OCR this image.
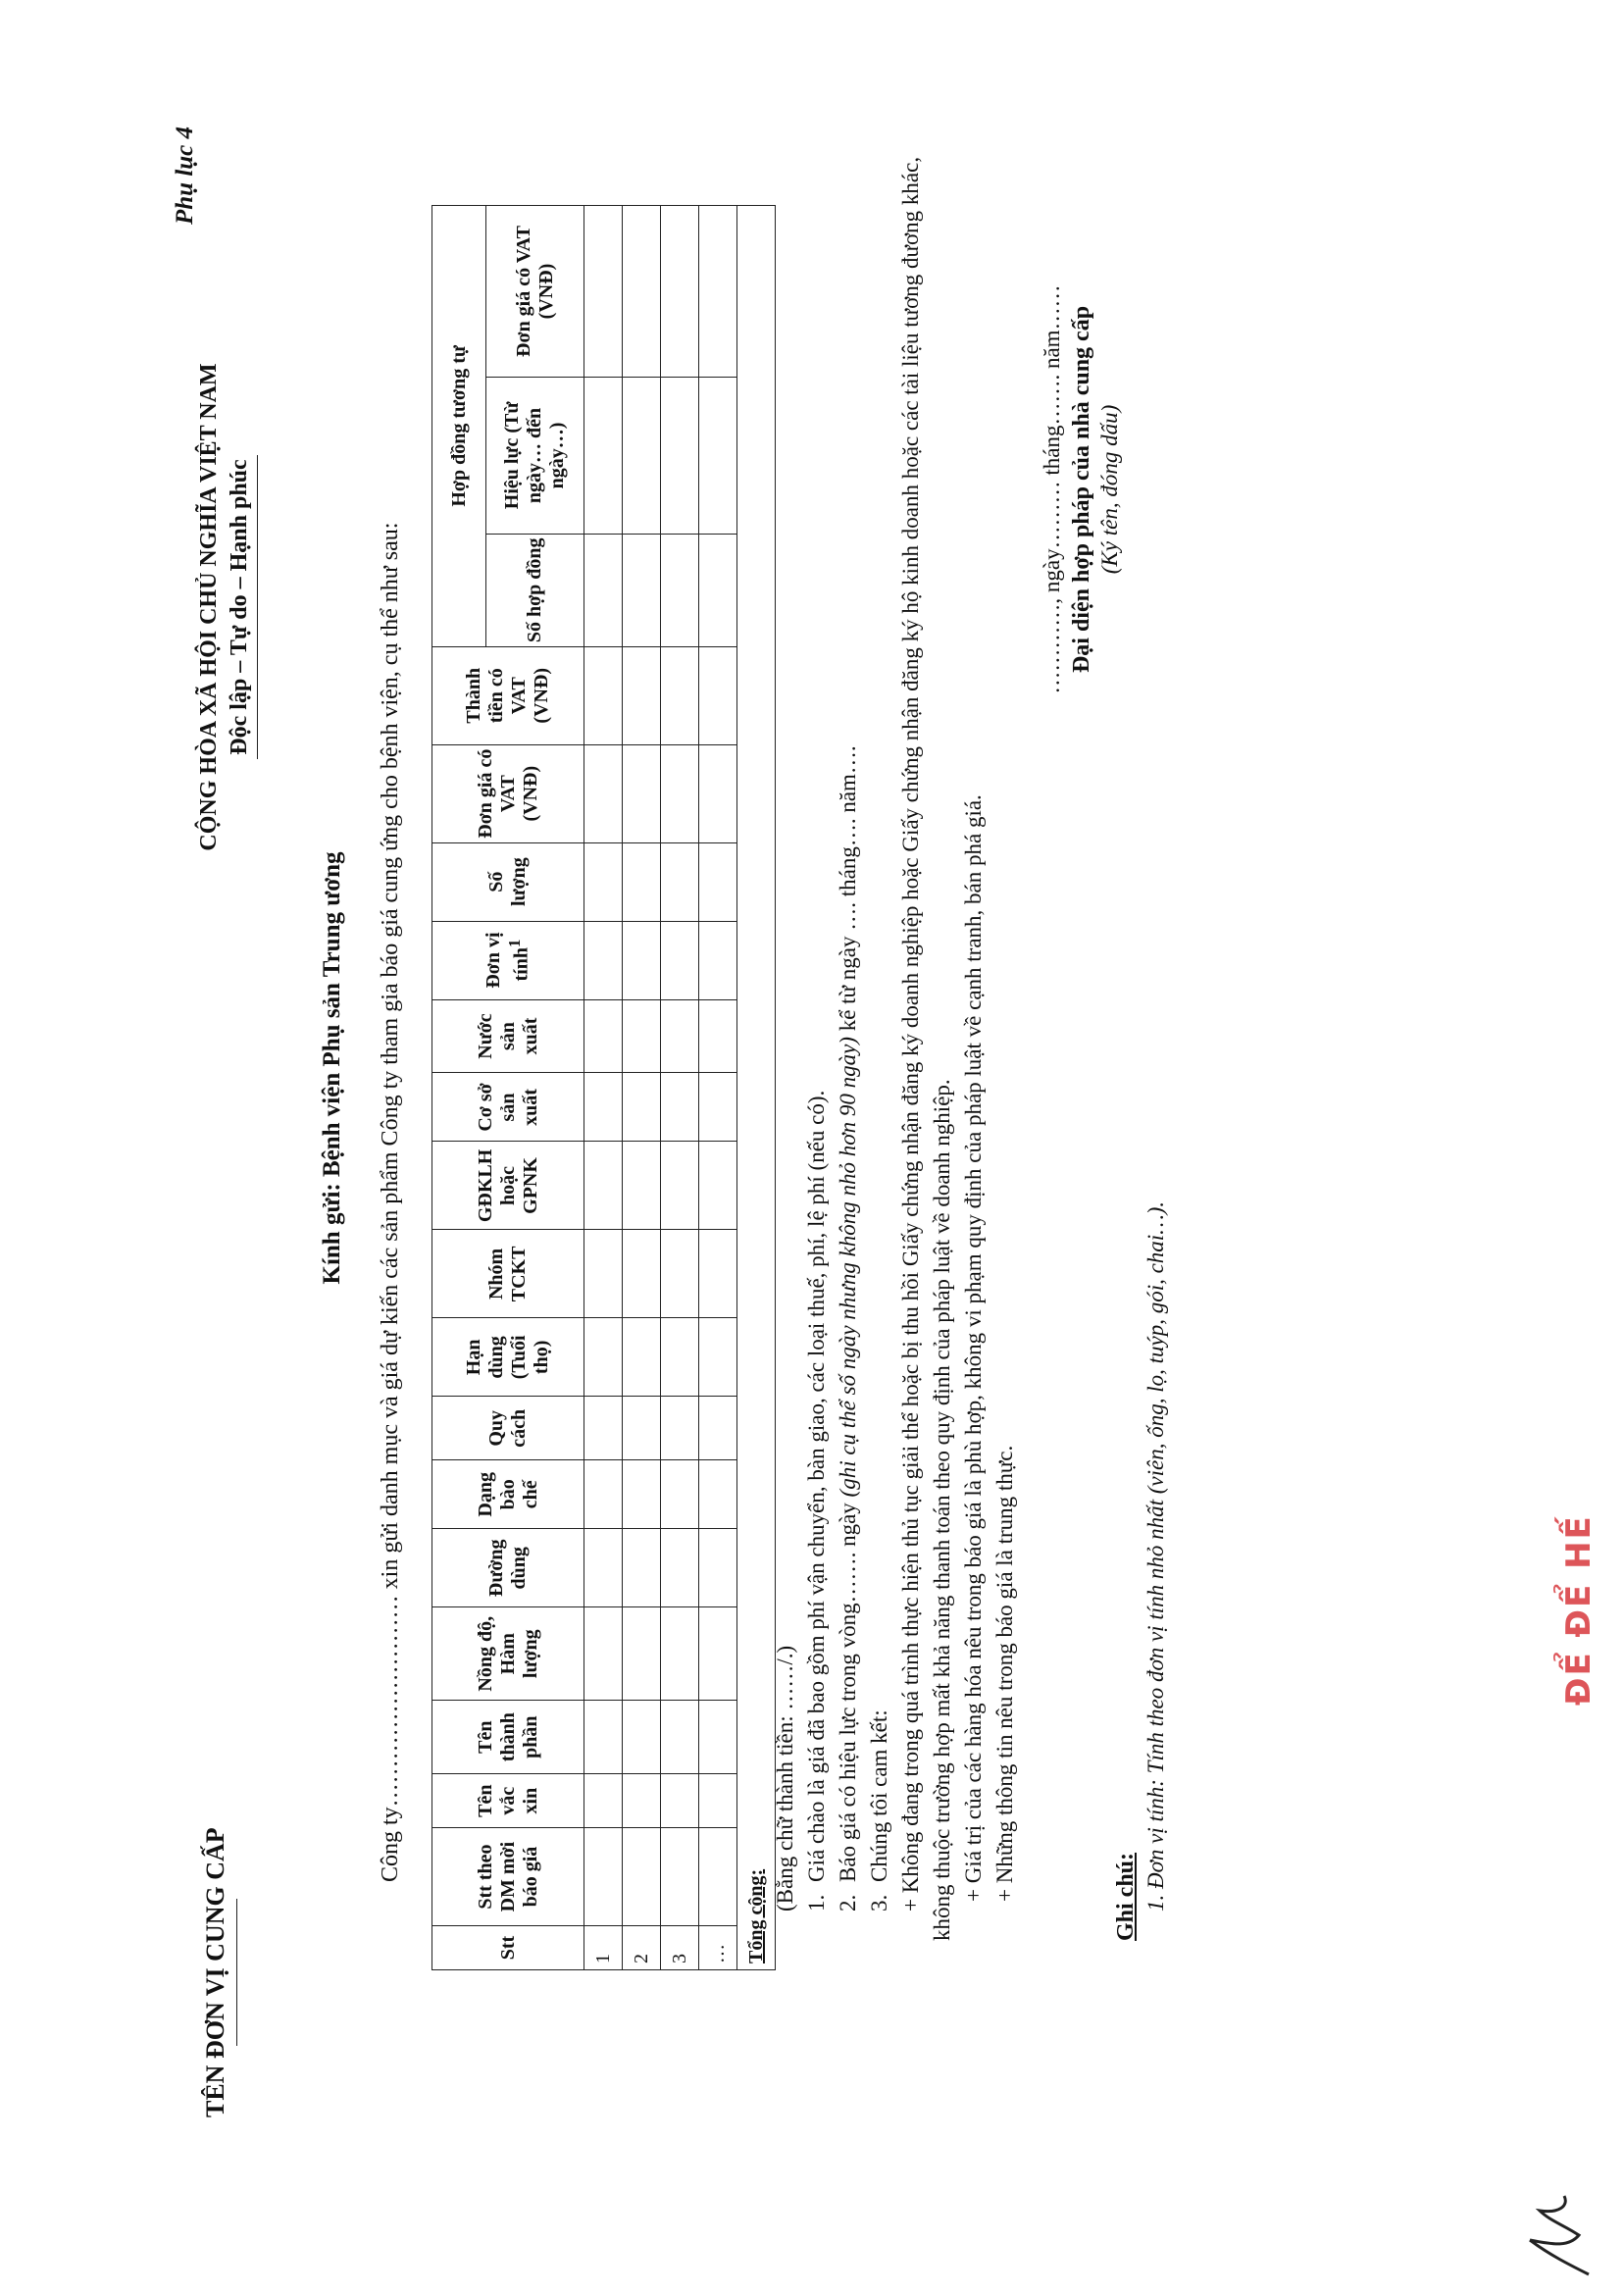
TÊN ĐƠN VỊ CUNG CẤP
Phụ lục 4
CỘNG HÒA XÃ HỘI CHỦ NGHĨA VIỆT NAM Độc lập – Tự do – Hạnh phúc
Kính gửi: Bệnh viện Phụ sản Trung ương Công ty……………………… xin gửi danh mục và giá dự kiến các sản phẩm Công ty tham gia báo giá cung ứng cho bệnh viện, cụ thể như sau:
Stt	Stt theo DM mời báo giá	Tên vắc xin	Tên thành phần	Nồng độ, Hàm lượng	Đường dùng	Dạng bào chế	Quy cách	Hạn dùng (Tuổi thọ)	Nhóm TCKT	GĐKLH hoặc GPNK	Cơ sở sản xuất	Nước sản xuất	Đơn vị tính$^1$	Số lượng	Đơn giá có VAT (VNĐ)	Thành tiền có VAT (VNĐ)	Hợp đồng tương tự		
																	Số hợp đồng	Hiệu lực (Từ ngày… đến ngày…)	Đơn giá có VAT (VNĐ)
1																			
2																			
3																			
…																			
Tổng cộng:																			
(Bằng chữ thành tiền: ……/.) 1.Giá chào là giá đã bao gồm phí vận chuyển, bàn giao, các loại thuế, phí, lệ phí (nếu có).
2.Báo giá có hiệu lực trong vòng……. ngày (ghi cụ thể số ngày nhưng không nhỏ hơn 90 ngày) kể từ ngày …. tháng…. năm….
3.Chúng tôi cam kết: + Không đang trong quá trình thực hiện thủ tục giải thể hoặc bị thu hồi Giấy chứng nhận đăng ký doanh nghiệp hoặc Giấy chứng nhận đăng ký hộ kinh doanh hoặc các tài liệu tương đương khác, không thuộc trường hợp mất khả năng thanh toán theo quy định của pháp luật về doanh nghiệp. + Giá trị của các hàng hóa nêu trong báo giá là phù hợp, không vi phạm quy định của pháp luật về cạnh tranh, bán phá giá. + Những thông tin nêu trong báo giá là trung thực.
…………, ngày……… tháng……. năm…… Đại diện hợp pháp của nhà cung cấp (Ký tên, đóng dấu)
Ghi chú: 1. Đơn vị tính: Tính theo đơn vị tính nhỏ nhất (viên, ống, lọ, tuýp, gói, chai…).	ĐỂ ĐỂ HẾ
